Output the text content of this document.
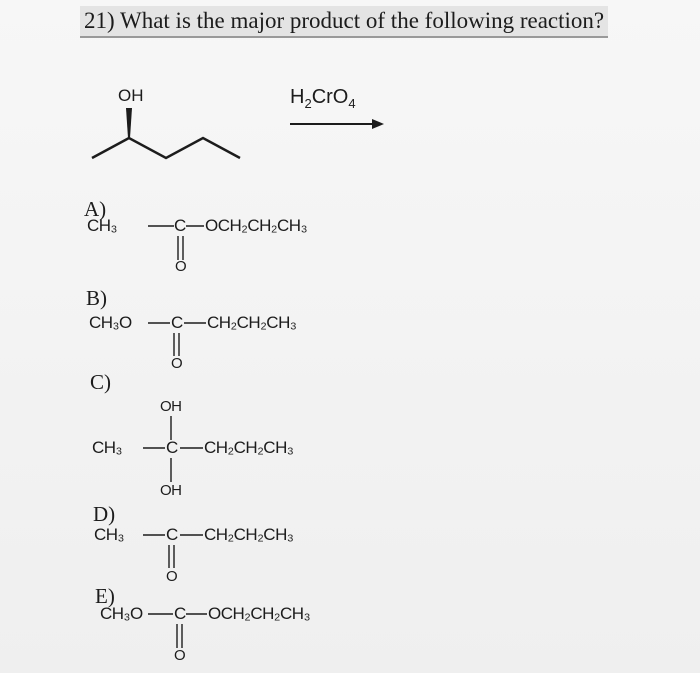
21) What is the major product of the following reaction?
OH	$H_2CrO_4$
A)
CH₃	C OCH₂CH₂CH₃
O
B)
CH₃O C CH₂CH₂CH₃
O
C)
OH
CH₃	C CH₂CH₂CH₃
OH
D)
CH₃ C CH₂CH₂CH₃
O
E)
CH₃O C OCH₂CH₂CH₃
O
